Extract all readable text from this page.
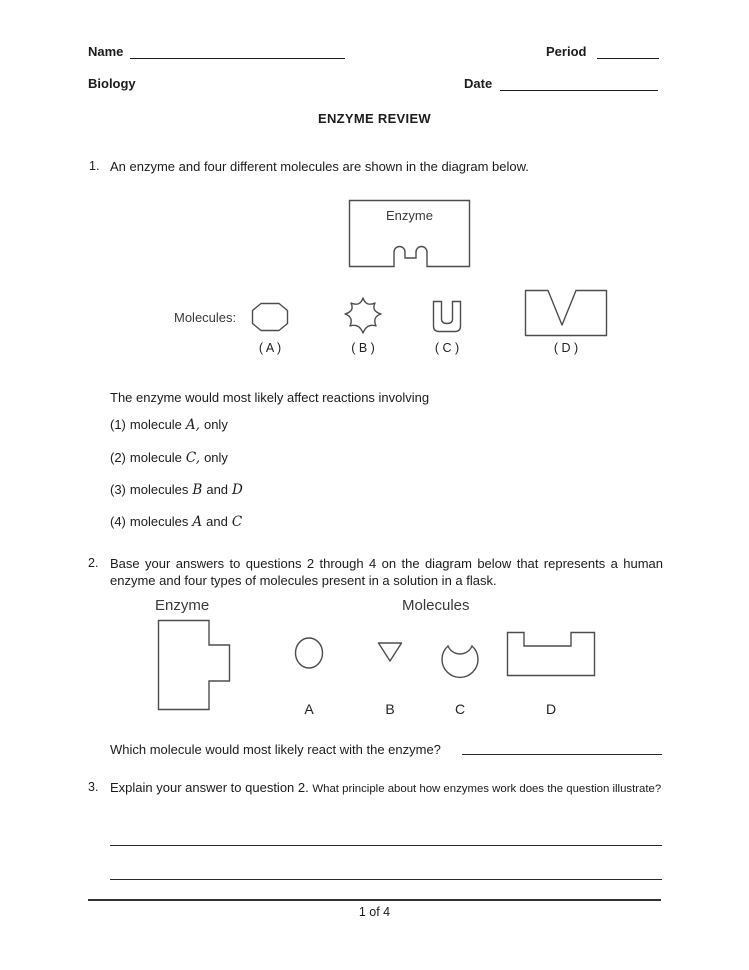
Name	Period
Biology	Date
ENZYME REVIEW
1. An enzyme and four different molecules are shown in the diagram below.
Enzyme
Molecules:
( A )	( B )	( C )	( D )
The enzyme would most likely affect reactions involving
(1) molecule A, only
(2) molecule C, only
(3) molecules B and D
(4) molecules A and C
2. Base your answers to questions 2 through 4 on the diagram below that represents a human enzyme and four types of molecules present in a solution in a flask.
Enzyme	Molecules
A	B	C	D
Which molecule would most likely react with the enzyme?
3. Explain your answer to question 2. What principle about how enzymes work does the question illustrate?
1 of 4
